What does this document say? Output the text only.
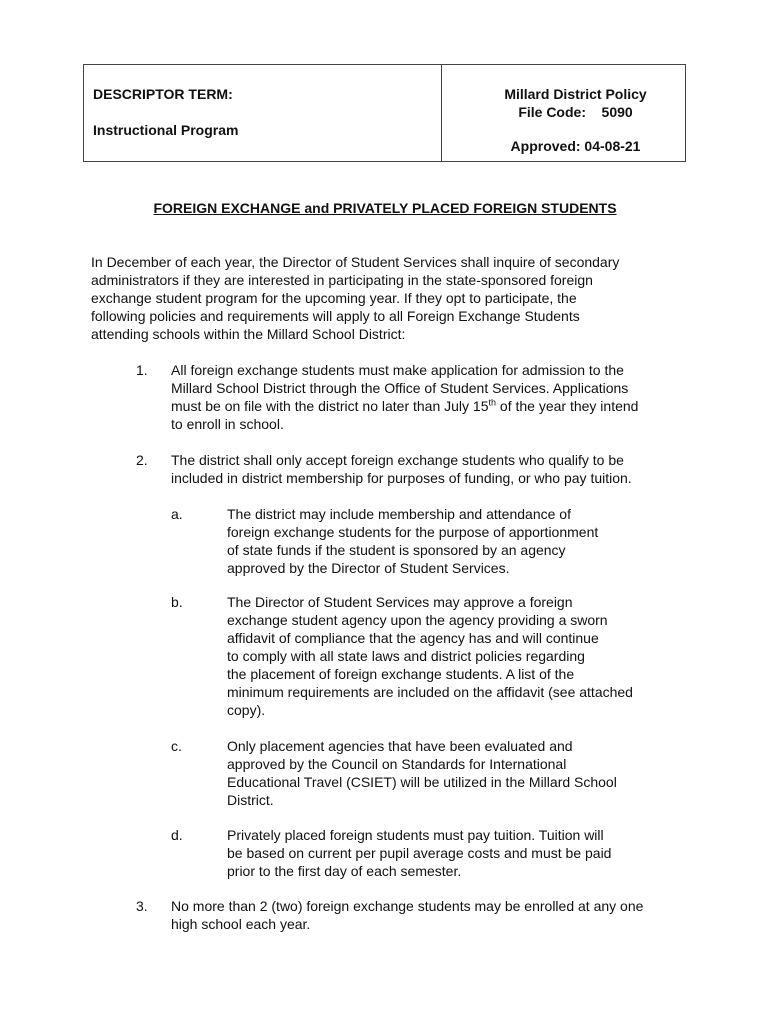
DESCRIPTOR TERM:
Instructional Program
Millard District Policy
File Code:    5090
Approved: 04-08-21
FOREIGN EXCHANGE and PRIVATELY PLACED FOREIGN STUDENTS
In December of each year, the Director of Student Services shall inquire of secondary
administrators if they are interested in participating in the state-sponsored foreign
exchange student program for the upcoming year. If they opt to participate, the
following policies and requirements will apply to all Foreign Exchange Students
attending schools within the Millard School District:
1. All foreign exchange students must make application for admission to the
Millard School District through the Office of Student Services. Applications
must be on file with the district no later than July 15th of the year they intend
to enroll in school.
2. The district shall only accept foreign exchange students who qualify to be
included in district membership for purposes of funding, or who pay tuition.
a.	The district may include membership and attendance of
foreign exchange students for the purpose of apportionment
of state funds if the student is sponsored by an agency
approved by the Director of Student Services.
b.	The Director of Student Services may approve a foreign
exchange student agency upon the agency providing a sworn
affidavit of compliance that the agency has and will continue
to comply with all state laws and district policies regarding
the placement of foreign exchange students. A list of the
minimum requirements are included on the affidavit (see attached
copy).
c.	Only placement agencies that have been evaluated and
approved by the Council on Standards for International
Educational Travel (CSIET) will be utilized in the Millard School
District.
d.	Privately placed foreign students must pay tuition. Tuition will
be based on current per pupil average costs and must be paid
prior to the first day of each semester.
3. No more than 2 (two) foreign exchange students may be enrolled at any one
high school each year.
